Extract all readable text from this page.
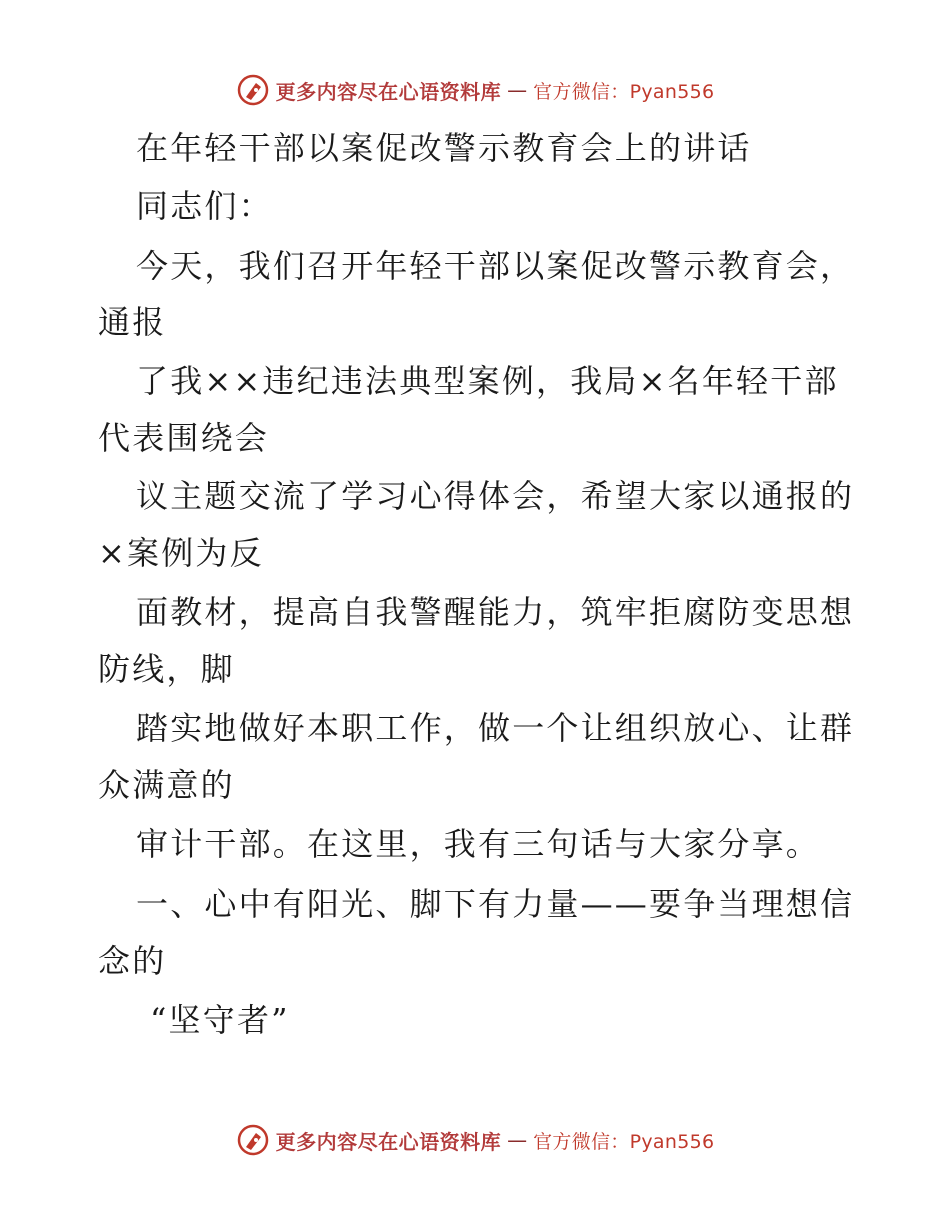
更多内容尽在心语资料库 — 官方微信：Pyan556
在年轻干部以案促改警示教育会上的讲话
同志们：
今天，我们召开年轻干部以案促改警示教育会，
通报
了我××违纪违法典型案例，我局×名年轻干部
代表围绕会
议主题交流了学习心得体会，希望大家以通报的
×案例为反
面教材，提高自我警醒能力，筑牢拒腐防变思想
防线，脚
踏实地做好本职工作，做一个让组织放心、让群
众满意的
审计干部。在这里，我有三句话与大家分享。
一、心中有阳光、脚下有力量——要争当理想信
念的
“坚守者”
更多内容尽在心语资料库 — 官方微信：Pyan556
